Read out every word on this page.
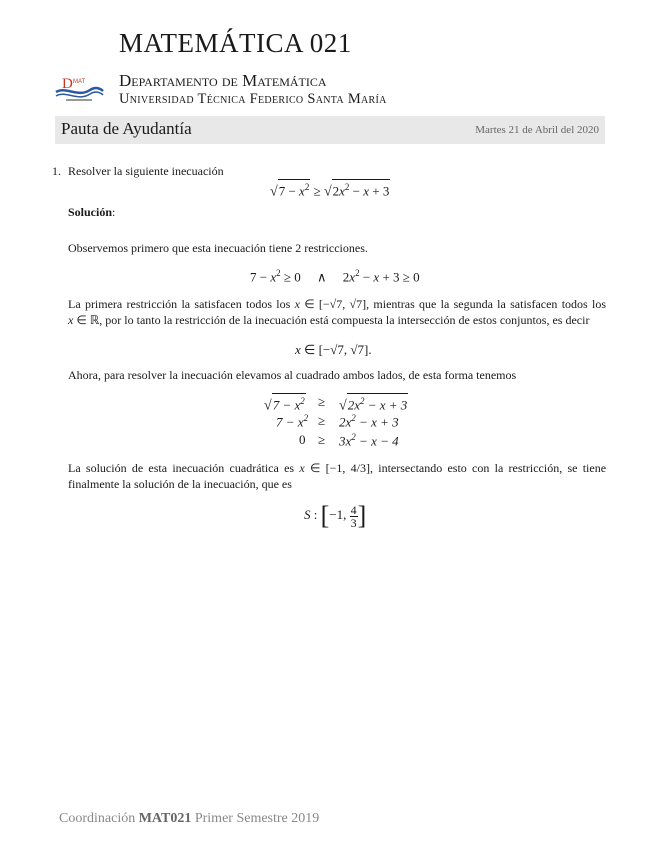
MATEMÁTICA 021
D MAT Departamento de Matemática
Universidad Técnica Federico Santa María
Pauta de Ayudantía	Martes 21 de Abril del 2020
1. Resolver la siguiente inecuación
$√7 - x^2 \ge √2x^2 - x + 3$
Solución:
Observemos primero que esta inecuación tiene 2 restricciones.
$7 - x^2 \ge 0$     ∧     $2x^2 - x + 3 \ge 0$
La primera restricción la satisfacen todos los x ∈ [−√7, √7], mientras que la segunda la satisfacen todos los x ∈ ℝ, por lo tanto la restricción de la inecuación está compuesta la intersección de estos conjuntos, es decir
x ∈ [−√7, √7].
Ahora, para resolver la inecuación elevamos al cuadrado ambos lados, de esta forma tenemos
$√7 - x^2 \ge √2x^2 - x + 3$
$7 - x^2 \ge 2x^2 - x + 3$
$0 \ge 3x^2 - x - 4$
La solución de esta inecuación cuadrática es x ∈ [−1, 4/3], intersectando esto con la restricción, se tiene finalmente la solución de la inecuación, que es
S : [−1, $\frac{4}{3}$ ]
Coordinación MAT021 Primer Semestre 2019
